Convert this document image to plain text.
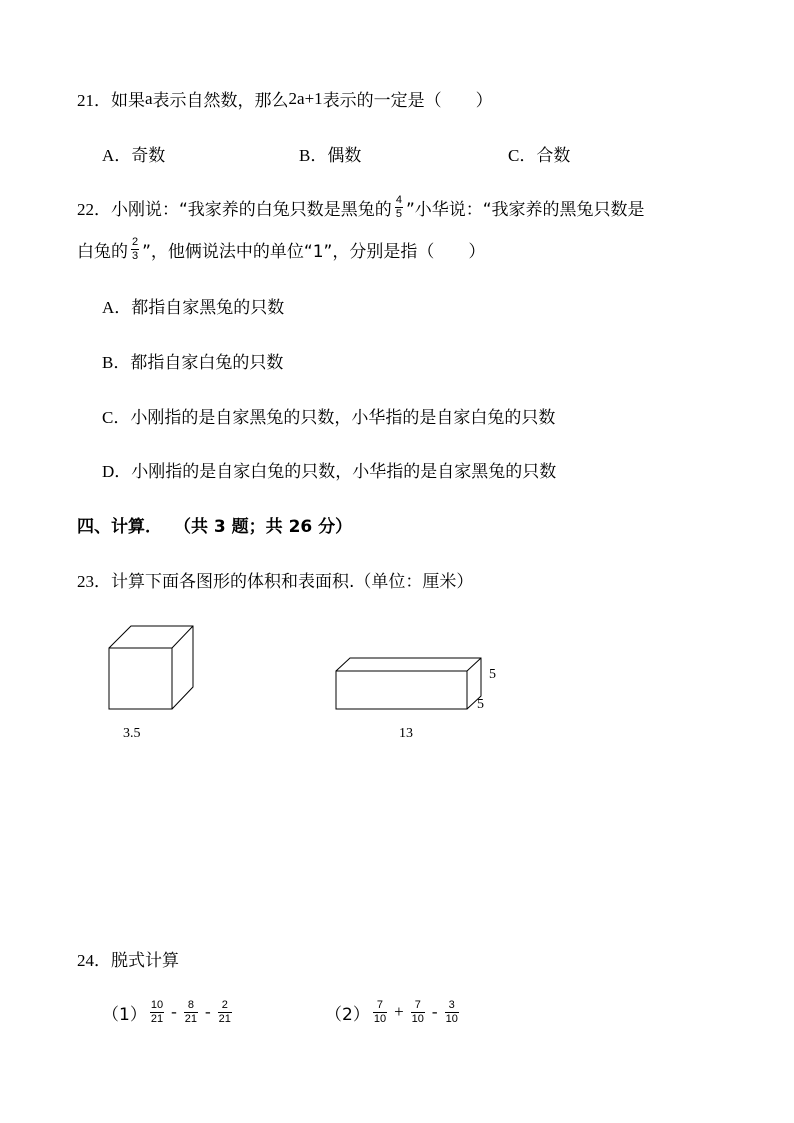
21． 如果 a 表示自然数，那么 2a+1 表示的一定是（　　）
A． 奇数	B． 偶数	C． 合数
22． 小刚说：“我家养的白兔只数是黑兔的 $\frac{4}{5}$ ”小华说：“我家养的黑兔只数是
白兔的 $\frac{2}{3}$ ”，他俩说法中的单位“1”，分别是指（　　）
A． 都指自家黑兔的只数
B． 都指自家白兔的只数
C． 小刚指的是自家黑兔的只数，小华指的是自家白兔的只数
D． 小刚指的是自家白兔的只数，小华指的是自家黑兔的只数
四、计算． （共 3 题；共 26 分）
23． 计算下面各图形的体积和表面积.（单位：厘米）
3.5	13
5
5
24． 脱式计算
$(1) \frac{10}{21} - \frac{8}{21} - \frac{2}{21}$	$(2) \frac{7}{10} + \frac{7}{10} - \frac{3}{10}$
